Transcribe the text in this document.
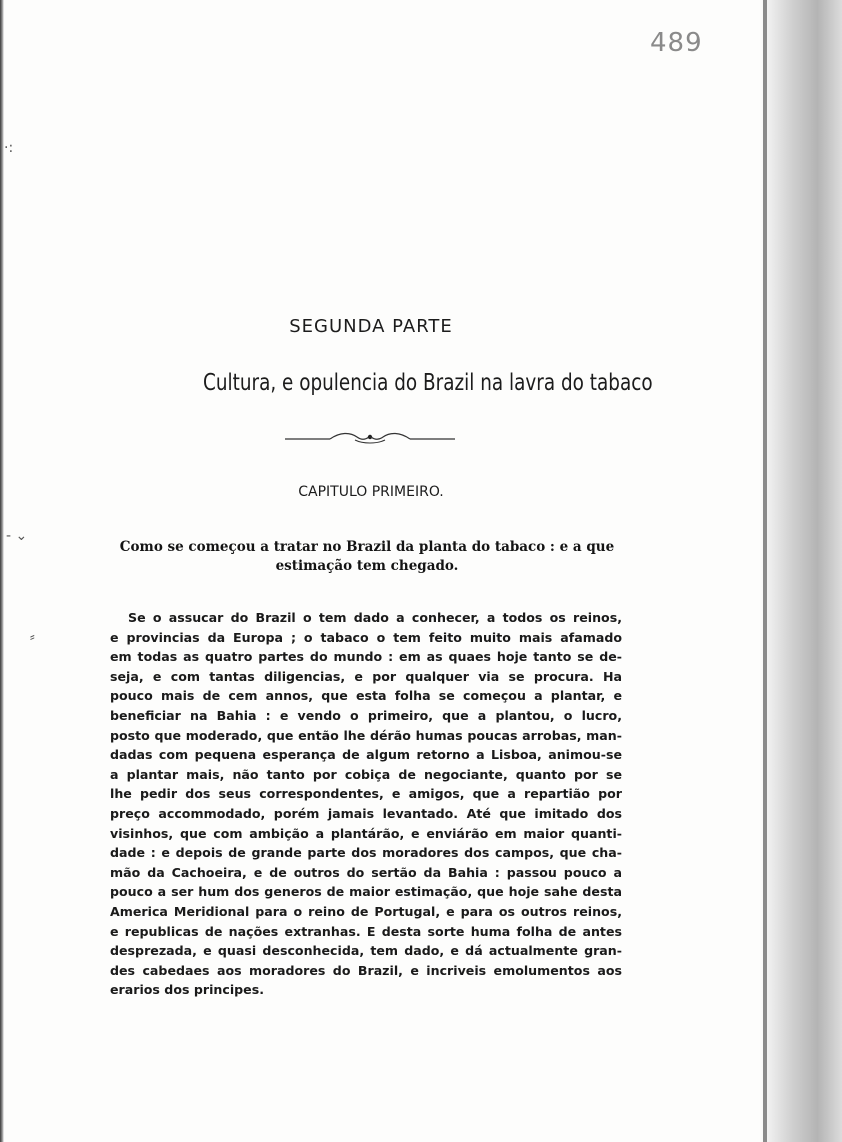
489
·:
- ⌄
⸗
SEGUNDA PARTE
Cultura, e opulencia do Brazil na lavra do tabaco
CAPITULO PRIMEIRO.
Como se começou a tratar no Brazil da planta do tabaco : e a que estimação tem chegado.
Se o assucar do Brazil o tem dado a conhecer, a todos os reinos,
e provincias da Europa ; o tabaco o tem feito muito mais afamado
em todas as quatro partes do mundo : em as quaes hoje tanto se de-
seja, e com tantas diligencias, e por qualquer via se procura. Ha
pouco mais de cem annos, que esta folha se começou a plantar, e
beneficiar na Bahia : e vendo o primeiro, que a plantou, o lucro,
posto que moderado, que então lhe dérão humas poucas arrobas, man-
dadas com pequena esperança de algum retorno a Lisboa, animou-se
a plantar mais, não tanto por cobiça de negociante, quanto por se
lhe pedir dos seus correspondentes, e amigos, que a repartião por
preço accommodado, porém jamais levantado. Até que imitado dos
visinhos, que com ambição a plantárão, e enviárão em maior quanti-
dade : e depois de grande parte dos moradores dos campos, que cha-
mão da Cachoeira, e de outros do sertão da Bahia : passou pouco a
pouco a ser hum dos generos de maior estimação, que hoje sahe desta
America Meridional para o reino de Portugal, e para os outros reinos,
e republicas de nações extranhas. E desta sorte huma folha de antes
desprezada, e quasi desconhecida, tem dado, e dá actualmente gran-
des cabedaes aos moradores do Brazil, e incriveis emolumentos aos
erarios dos principes.
